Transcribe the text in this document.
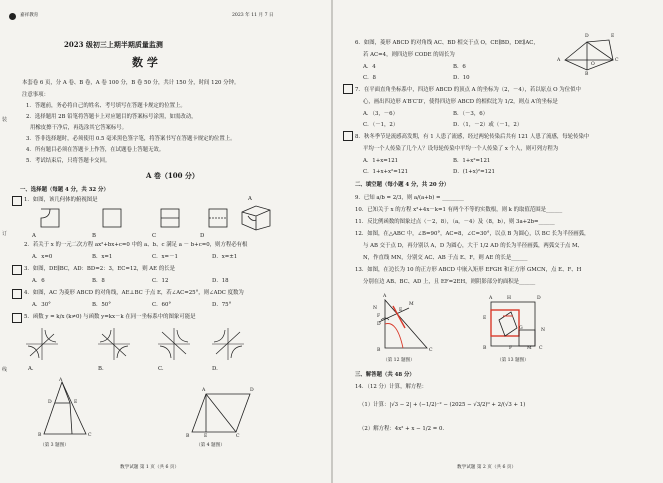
嘉祥教育	2023 年 11 月 7 日
2023 级初三上期半期质量监测
数 学
本套卷 6 页，分 A 卷、B 卷，A 卷 100 分，B 卷 50 分，共计 150 分，时间 120 分钟。
注意事项：
1．答题前，务必将自己的姓名、考号填写在答题卡规定的位置上。
2．选择题用 2B 铅笔将答题卡上对应题目的答案标号涂黑，如需改动，
用橡皮擦干净后，再选涂其它答案标号。
3．答非选择题时，必须使用 0.5 毫米黑色签字笔，将答案书写在答题卡规定的位置上。
4．所有题目必须在答题卡上作答，在试题卷上答题无效。
5．考试结束后，只将答题卡交回。
A 卷（100 分）
一、选择题（每题 4 分，共 32 分）
1．如图，该几何体的俯视图是	A
A	B	C	D
2．若关于 x 的一元二次方程 ax²+bx+c=0 中的 a、b、c 满足 a － b+c=0，则方程必有根
A．x=0	B．x=1	C．x=－1	D．x=±1
3．如图，DE∥BC，AD：BD=2：3，EC=12，则 AE 的长是
A．6	B．8	C．12	D．18
4．如图，AC 为菱形 ABCD 的对角线，AE⊥BC 于点 E，若∠AC=25°，则∠ADC 度数为
A．30°	B．50°	C．60°	D．75°
5．函数 y = k/x (k≠0) 与函数 y=kx－k 在同一坐标系中的图象可能是
A.	B.	C.	D.
A
B	C
D	E
（第 3 题图）
A
B	C
D
E
（第 4 题图）
数学试题 第 1 页（共 6 页）
装
订
线
6．如图，菱形 ABCD 的对角线 AC、BD 相交于点 O，CE∥BD，DE∥AC，
若 AC=4，则四边形 CODE 的周长为
A．4	B．6
C．8	D．10
A
B
C
D	E
O
7．在平面直角坐标系中，四边形 ABCD 的顶点 A 的坐标为（2，－4），若以原点 O 为位似中
心，画出四边形 A′B′C′D′，使得四边形 ABCD 的相似比为 1/2，则点 A′的坐标是
A．（3，－6）	B．（－3，6）
C．（－1，2）	D．（1，－2）或（－1，2）
8．秋冬季节是流感高发期，有 1 人患了流感，经过两轮传染后共有 121 人患了流感，每轮传染中
平均一个人传染了几个人？设每轮传染中平均一个人传染了 x 个人，则可列方程为
A．1+x=121	B．1+x²=121
C．1+x+x²=121	D．(1+x)²=121
二、填空题（每小题 4 分，共 20 分）
9．已知 a/b = 2/3，则 a/(a+b) = ________
10．已知关于 x 的方程 x²+4x－k=1 有两个不等的实数根，则 k 的取值范围是______
11．反比例函数的图象过点（－2，8），（a，－4）及（8，b），则 3a+2b=______
12．如图，在△ABC 中，∠B=90°，AC=8，∠C=30°，以点 B 为圆心，以 BC 长为半径画弧，
与 AB 交于点 D，再分别以 A，D 为圆心，大于 1/2 AD 的长为半径画弧，两弧交于点 M、
N，作直线 MN，分别交 AC、AB 于点 E、F，则 AE 的长是______
13．如图，在边长为 10 的正方形 ABCD 中嵌入矩形 EFGH 和正方形 GMCN，点 E、F、H
分别在边 AB、BC、AD 上，且 EF=2EH，则阴影部分的面积是______
A
B	C
D
E
F
M
N
（第 12 题图）
A	H	D
E
G	N
B	F	M C
（第 13 题图）
三、解答题（共 48 分）
14．（12 分）计算，解方程：
（1）计算：|√3 − 2| + (−1/2)⁻² − (2025 − √3/2)⁰ + 2/(√3 + 1)
（2）解方程：4x² + x − 1/2 = 0.
数学试题 第 2 页（共 6 页）
